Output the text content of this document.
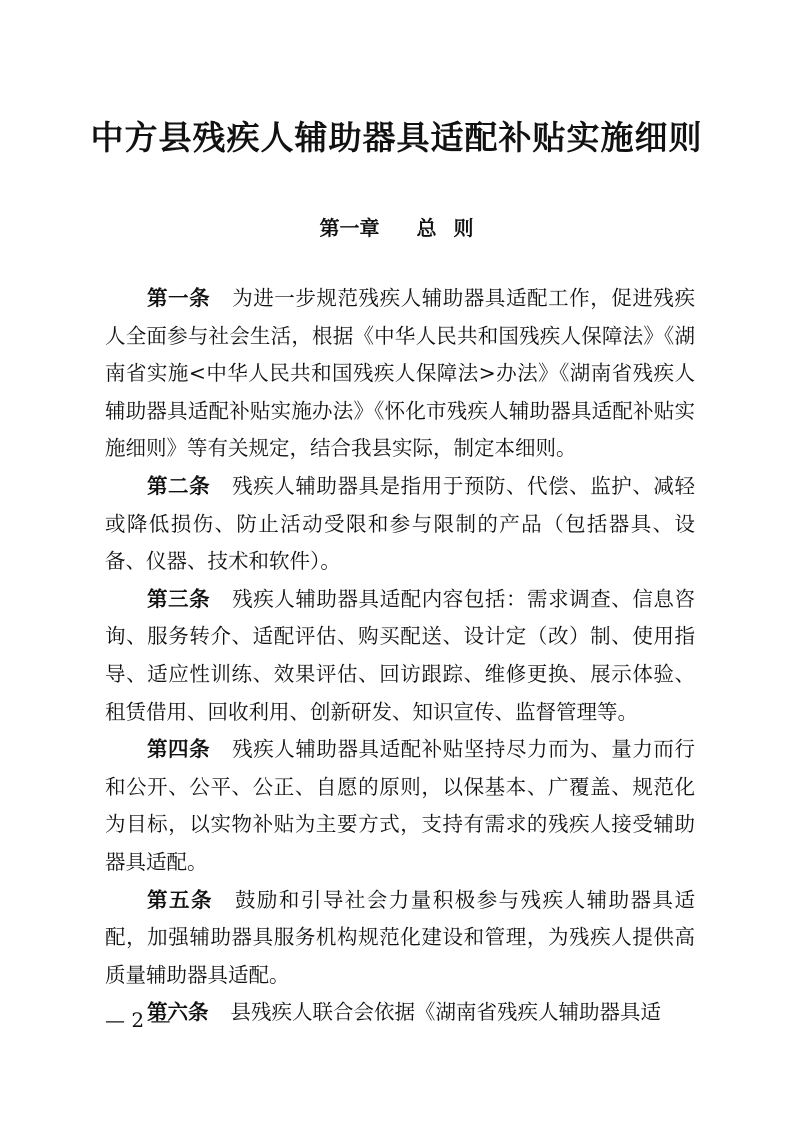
中方县残疾人辅助器具适配补贴实施细则
第一章 总 则

第一条 为进一步规范残疾人辅助器具适配工作，促进残疾人全面参与社会生活，根据《中华人民共和国残疾人保障法》《湖南省实施<中华人民共和国残疾人保障法>办法》《湖南省残疾人辅助器具适配补贴实施办法》《怀化市残疾人辅助器具适配补贴实施细则》等有关规定，结合我县实际，制定本细则。

第二条 残疾人辅助器具是指用于预防、代偿、监护、减轻或降低损伤、防止活动受限和参与限制的产品（包括器具、设备、仪器、技术和软件）。

第三条 残疾人辅助器具适配内容包括：需求调查、信息咨询、服务转介、适配评估、购买配送、设计定（改）制、使用指导、适应性训练、效果评估、回访跟踪、维修更换、展示体验、租赁借用、回收利用、创新研发、知识宣传、监督管理等。

第四条 残疾人辅助器具适配补贴坚持尽力而为、量力而行和公开、公平、公正、自愿的原则，以保基本、广覆盖、规范化为目标，以实物补贴为主要方式，支持有需求的残疾人接受辅助器具适配。

第五条 鼓励和引导社会力量积极参与残疾人辅助器具适配，加强辅助器具服务机构规范化建设和管理，为残疾人提供高质量辅助器具适配。

第六条 县残疾人联合会依据《湖南省残疾人辅助器具适

— 2 —
